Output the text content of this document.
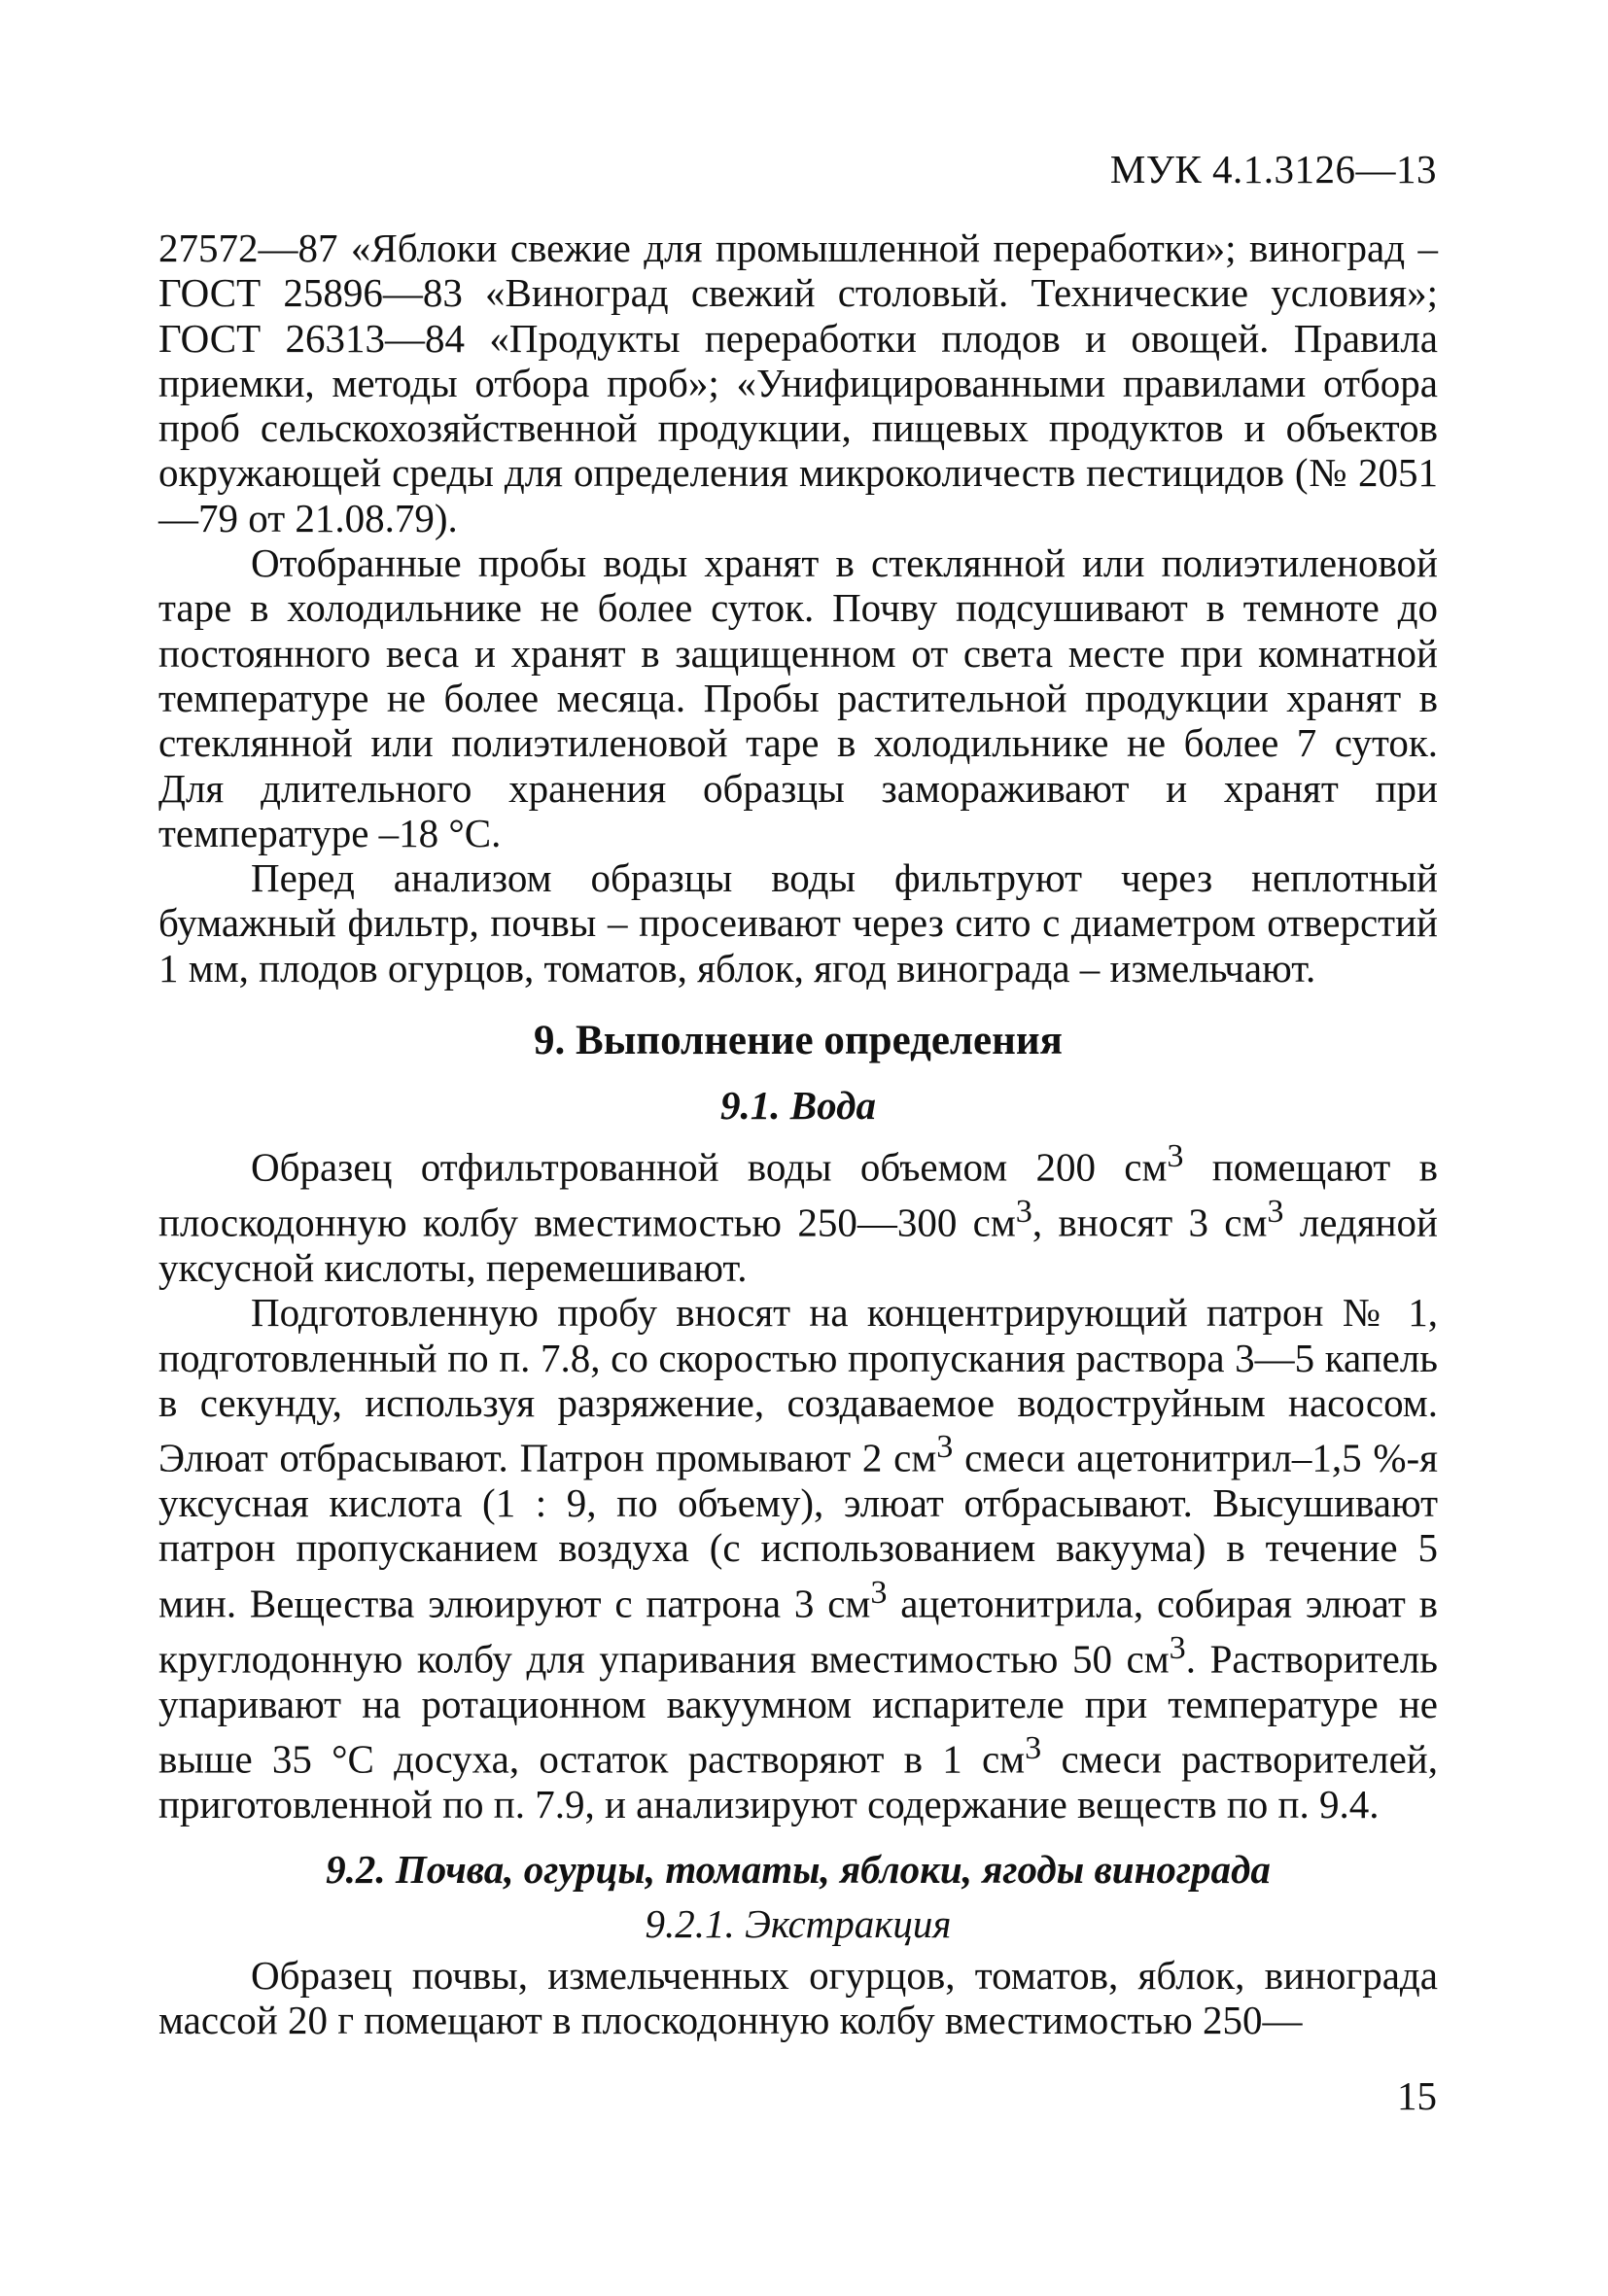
МУК 4.1.3126—13

27572—87 «Яблоки свежие для промышленной переработки»; виноград – ГОСТ 25896—83 «Виноград свежий столовый. Технические условия»; ГОСТ 26313—84 «Продукты переработки плодов и овощей. Правила приемки, методы отбора проб»; «Унифицированными правилами отбора проб сельскохозяйственной продукции, пищевых продуктов и объектов окружающей среды для определения микроколичеств пестицидов (№ 2051—79 от 21.08.79).

Отобранные пробы воды хранят в стеклянной или полиэтиленовой таре в холодильнике не более суток. Почву подсушивают в темноте до постоянного веса и хранят в защищенном от света месте при комнатной температуре не более месяца. Пробы растительной продукции хранят в стеклянной или полиэтиленовой таре в холодильнике не более 7 суток. Для длительного хранения образцы замораживают и хранят при температуре –18 °С.

Перед анализом образцы воды фильтруют через неплотный бумажный фильтр, почвы – просеивают через сито с диаметром отверстий 1 мм, плодов огурцов, томатов, яблок, ягод винограда – измельчают.

9. Выполнение определения

9.1. Вода

Образец отфильтрованной воды объемом 200 $см^3$ помещают в плоскодонную колбу вместимостью 250—300 $см^3$, вносят 3 $см^3$ ледяной уксусной кислоты, перемешивают.

Подготовленную пробу вносят на концентрирующий патрон № 1, подготовленный по п. 7.8, со скоростью пропускания раствора 3—5 капель в секунду, используя разряжение, создаваемое водоструйным насосом. Элюат отбрасывают. Патрон промывают 2 $см^3$ смеси ацетонитрил–1,5 %-я уксусная кислота (1 : 9, по объему), элюат отбрасывают. Высушивают патрон пропусканием воздуха (с использованием вакуума) в течение 5 мин. Вещества элюируют с патрона 3 $см^3$ ацетонитрила, собирая элюат в круглодонную колбу для упаривания вместимостью 50 $см^3$. Растворитель упаривают на ротационном вакуумном испарителе при температуре не выше 35 °С досуха, остаток растворяют в 1 $см^3$ смеси растворителей, приготовленной по п. 7.9, и анализируют содержание веществ по п. 9.4.

9.2. Почва, огурцы, томаты, яблоки, ягоды винограда

9.2.1. Экстракция

Образец почвы, измельченных огурцов, томатов, яблок, винограда массой 20 г помещают в плоскодонную колбу вместимостью 250—

15
